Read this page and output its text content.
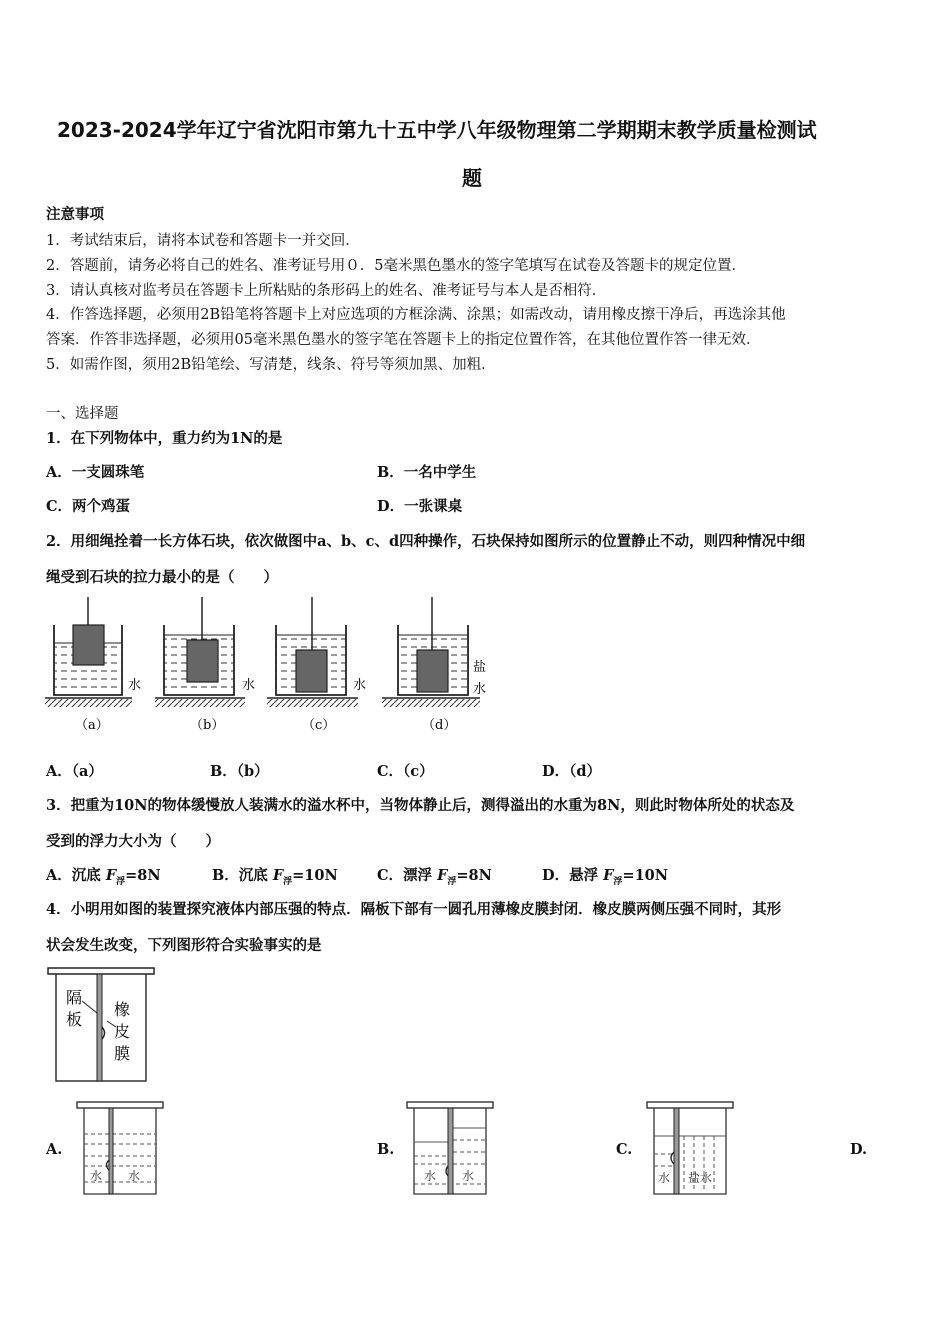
2023-2024学年辽宁省沈阳市第九十五中学八年级物理第二学期期末教学质量检测试
题
注意事项
1．考试结束后，请将本试卷和答题卡一并交回．
2．答题前，请务必将自己的姓名、准考证号用０．5毫米黑色墨水的签字笔填写在试卷及答题卡的规定位置．
3．请认真核对监考员在答题卡上所粘贴的条形码上的姓名、准考证号与本人是否相符．
4．作答选择题，必须用2B铅笔将答题卡上对应选项的方框涂满、涂黑；如需改动，请用橡皮擦干净后，再选涂其他
答案．作答非选择题，必须用05毫米黑色墨水的签字笔在答题卡上的指定位置作答，在其他位置作答一律无效．
5．如需作图，须用2B铅笔绘、写清楚，线条、符号等须加黑、加粗．
一、选择题
1．在下列物体中，重力约为1N的是
A．一支圆珠笔	B．一名中学生
C．两个鸡蛋	D．一张课桌
2．用细绳拴着一长方体石块，依次做图中a、b、c、d四种操作，石块保持如图所示的位置静止不动，则四种情况中细
绳受到石块的拉力最小的是（　　）
水
（a）
水
（b）
水
（c）
盐
水
（d）
A．（a）	B．（b）	C．（c）	D．（d）
3．把重为10N的物体缓慢放人装满水的溢水杯中，当物体静止后，测得溢出的水重为8N，则此时物体所处的状态及
受到的浮力大小为（　　）
A．沉底 $F_浮=8N$	B．沉底 $F_浮=10N$	C．漂浮 $F_浮=8N$	D．悬浮 $F_浮=10N$
4．小明用如图的装置探究液体内部压强的特点．隔板下部有一圆孔用薄橡皮膜封闭．橡皮膜两侧压强不同时，其形
状会发生改变，下列图形符合实验事实的是
隔
板
橡
皮
膜
A.
水 水
B.
水 水
C.
水 盐水
D.
